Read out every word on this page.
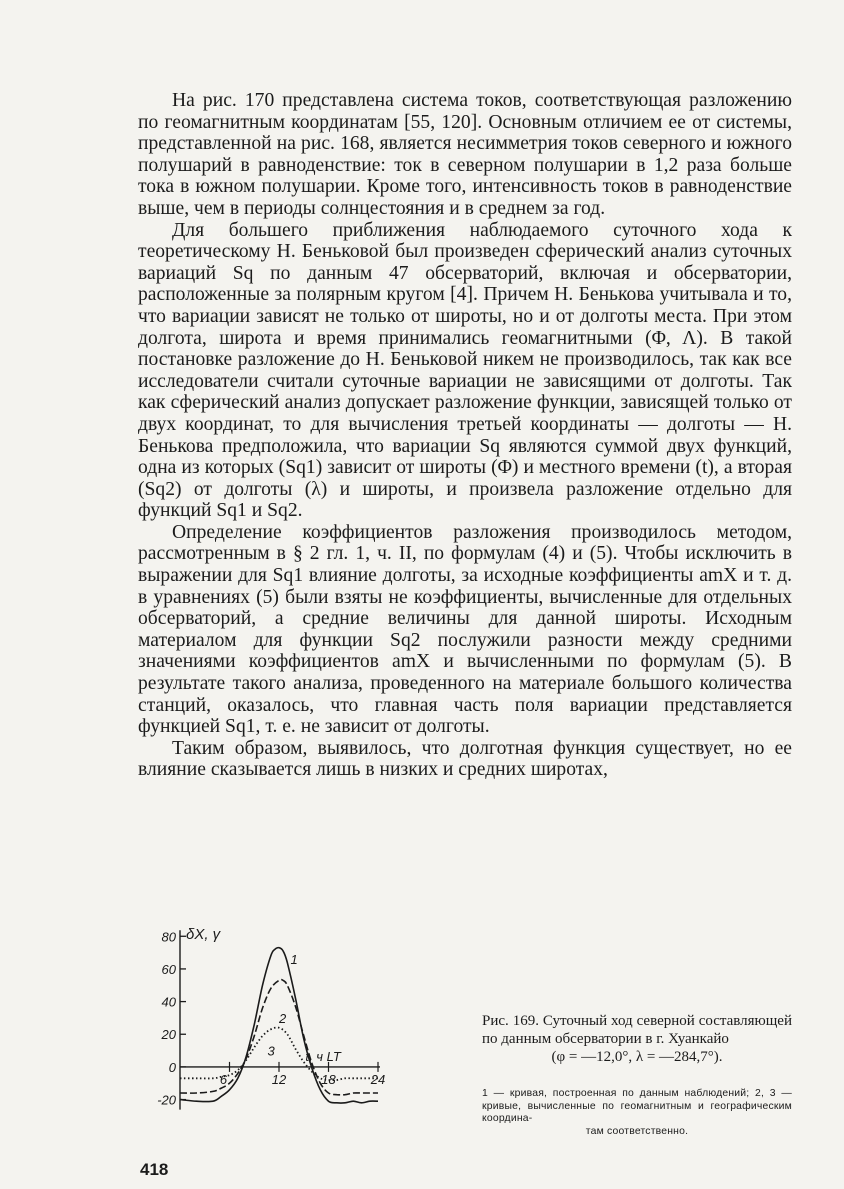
На рис. 170 представлена система токов, соответствующая разложению по геомагнитным координатам [55, 120]. Основным отличием ее от системы, представленной на рис. 168, является несимметрия токов северного и южного полушарий в равноденствие: ток в северном полушарии в 1,2 раза больше тока в южном полушарии. Кроме того, интенсивность токов в равноденствие выше, чем в периоды солнцестояния и в среднем за год.

Для большего приближения наблюдаемого суточного хода к теоретическому Н. Беньковой был произведен сферический анализ суточных вариаций Sq по данным 47 обсерваторий, включая и обсерватории, расположенные за полярным кругом [4]. Причем Н. Бенькова учитывала и то, что вариации зависят не только от широты, но и от долготы места. При этом долгота, широта и время принимались геомагнитными (Φ, Λ). В такой постановке разложение до Н. Беньковой никем не производилось, так как все исследователи считали суточные вариации не зависящими от долготы. Так как сферический анализ допускает разложение функции, зависящей только от двух координат, то для вычисления третьей координаты — долготы — Н. Бенькова предположила, что вариации Sq являются суммой двух функций, одна из которых (Sq1) зависит от широты (Φ) и местного времени (t), а вторая (Sq2) от долготы (λ) и широты, и произвела разложение отдельно для функций Sq1 и Sq2.

Определение коэффициентов разложения производилось методом, рассмотренным в § 2 гл. 1, ч. II, по формулам (4) и (5). Чтобы исключить в выражении для Sq1 влияние долготы, за исходные коэффициенты amX и т. д. в уравнениях (5) были взяты не коэффициенты, вычисленные для отдельных обсерваторий, а средние величины для данной широты. Исходным материалом для функции Sq2 послужили разности между средними значениями коэффициентов amX и вычисленными по формулам (5). В результате такого анализа, проведенного на материале большого количества станций, оказалось, что главная часть поля вариации представляется функцией Sq1, т. е. не зависит от долготы.

Таким образом, выявилось, что долготная функция существует, но ее влияние сказывается лишь в низких и средних широтах,

80
60
40
20
0
-20
6	12	18	24
δX, γ
t, ч LT
1
2
3
Рис. 169. Суточный ход северной составляющей по данным обсерватории в г. Хуанкайо
(φ = —12,0°, λ = —284,7°).
1 — кривая, построенная по данным наблюдений; 2, 3 — кривые, вычисленные по геомагнитным и географическим координа-
там соответственно.
418
